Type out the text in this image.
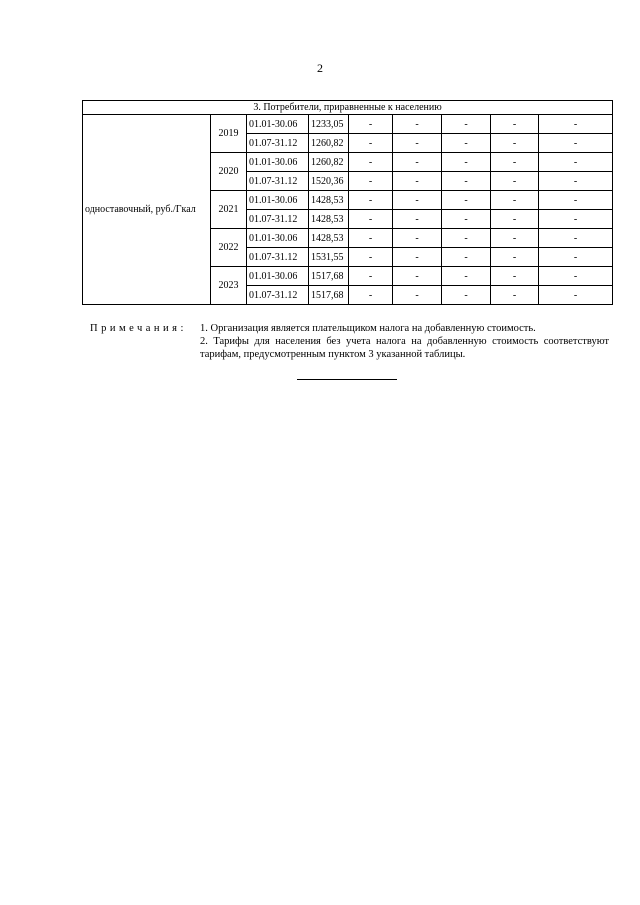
2
3. Потребители, приравненные к населению								
одноставочный, руб./Гкал	2019	01.01-30.06	1233,05	-	-	-	-	-
		01.07-31.12	1260,82	-	-	-	-	-
	2020	01.01-30.06	1260,82	-	-	-	-	-
		01.07-31.12	1520,36	-	-	-	-	-
	2021	01.01-30.06	1428,53	-	-	-	-	-
		01.07-31.12	1428,53	-	-	-	-	-
	2022	01.01-30.06	1428,53	-	-	-	-	-
		01.07-31.12	1531,55	-	-	-	-	-
	2023	01.01-30.06	1517,68	-	-	-	-	-
		01.07-31.12	1517,68	-	-	-	-	-
Примечания: 1. Организация является плательщиком налога на добавленную стоимость.

2. Тарифы для населения без учета налога на добавленную стоимость соответствуют тарифам, предусмотренным пунктом 3 указанной таблицы.
